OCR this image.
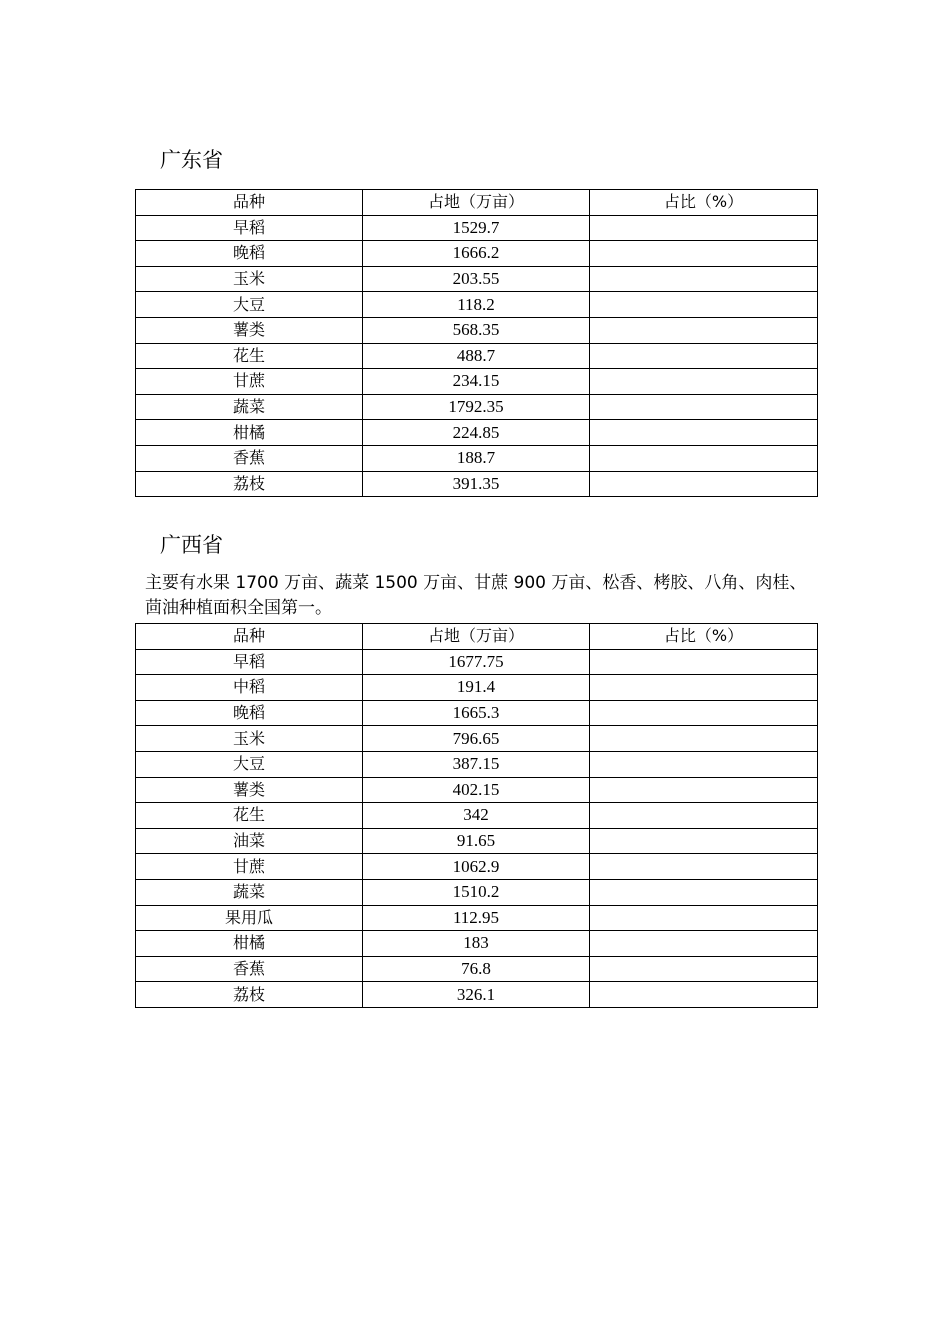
广东省
品种	占地（万亩）	占比（%）
早稻	1529.7	
晚稻	1666.2	
玉米	203.55	
大豆	118.2	
薯类	568.35	
花生	488.7	
甘蔗	234.15	
蔬菜	1792.35	
柑橘	224.85	
香蕉	188.7	
荔枝	391.35	
广西省
主要有水果 1700 万亩、蔬菜 1500 万亩、甘蔗 900 万亩、松香、栲胶、八角、肉桂、茴油种植面积全国第一。
品种	占地（万亩）	占比（%）
早稻	1677.75	
中稻	191.4	
晚稻	1665.3	
玉米	796.65	
大豆	387.15	
薯类	402.15	
花生	342	
油菜	91.65	
甘蔗	1062.9	
蔬菜	1510.2	
果用瓜	112.95	
柑橘	183	
香蕉	76.8	
荔枝	326.1	
